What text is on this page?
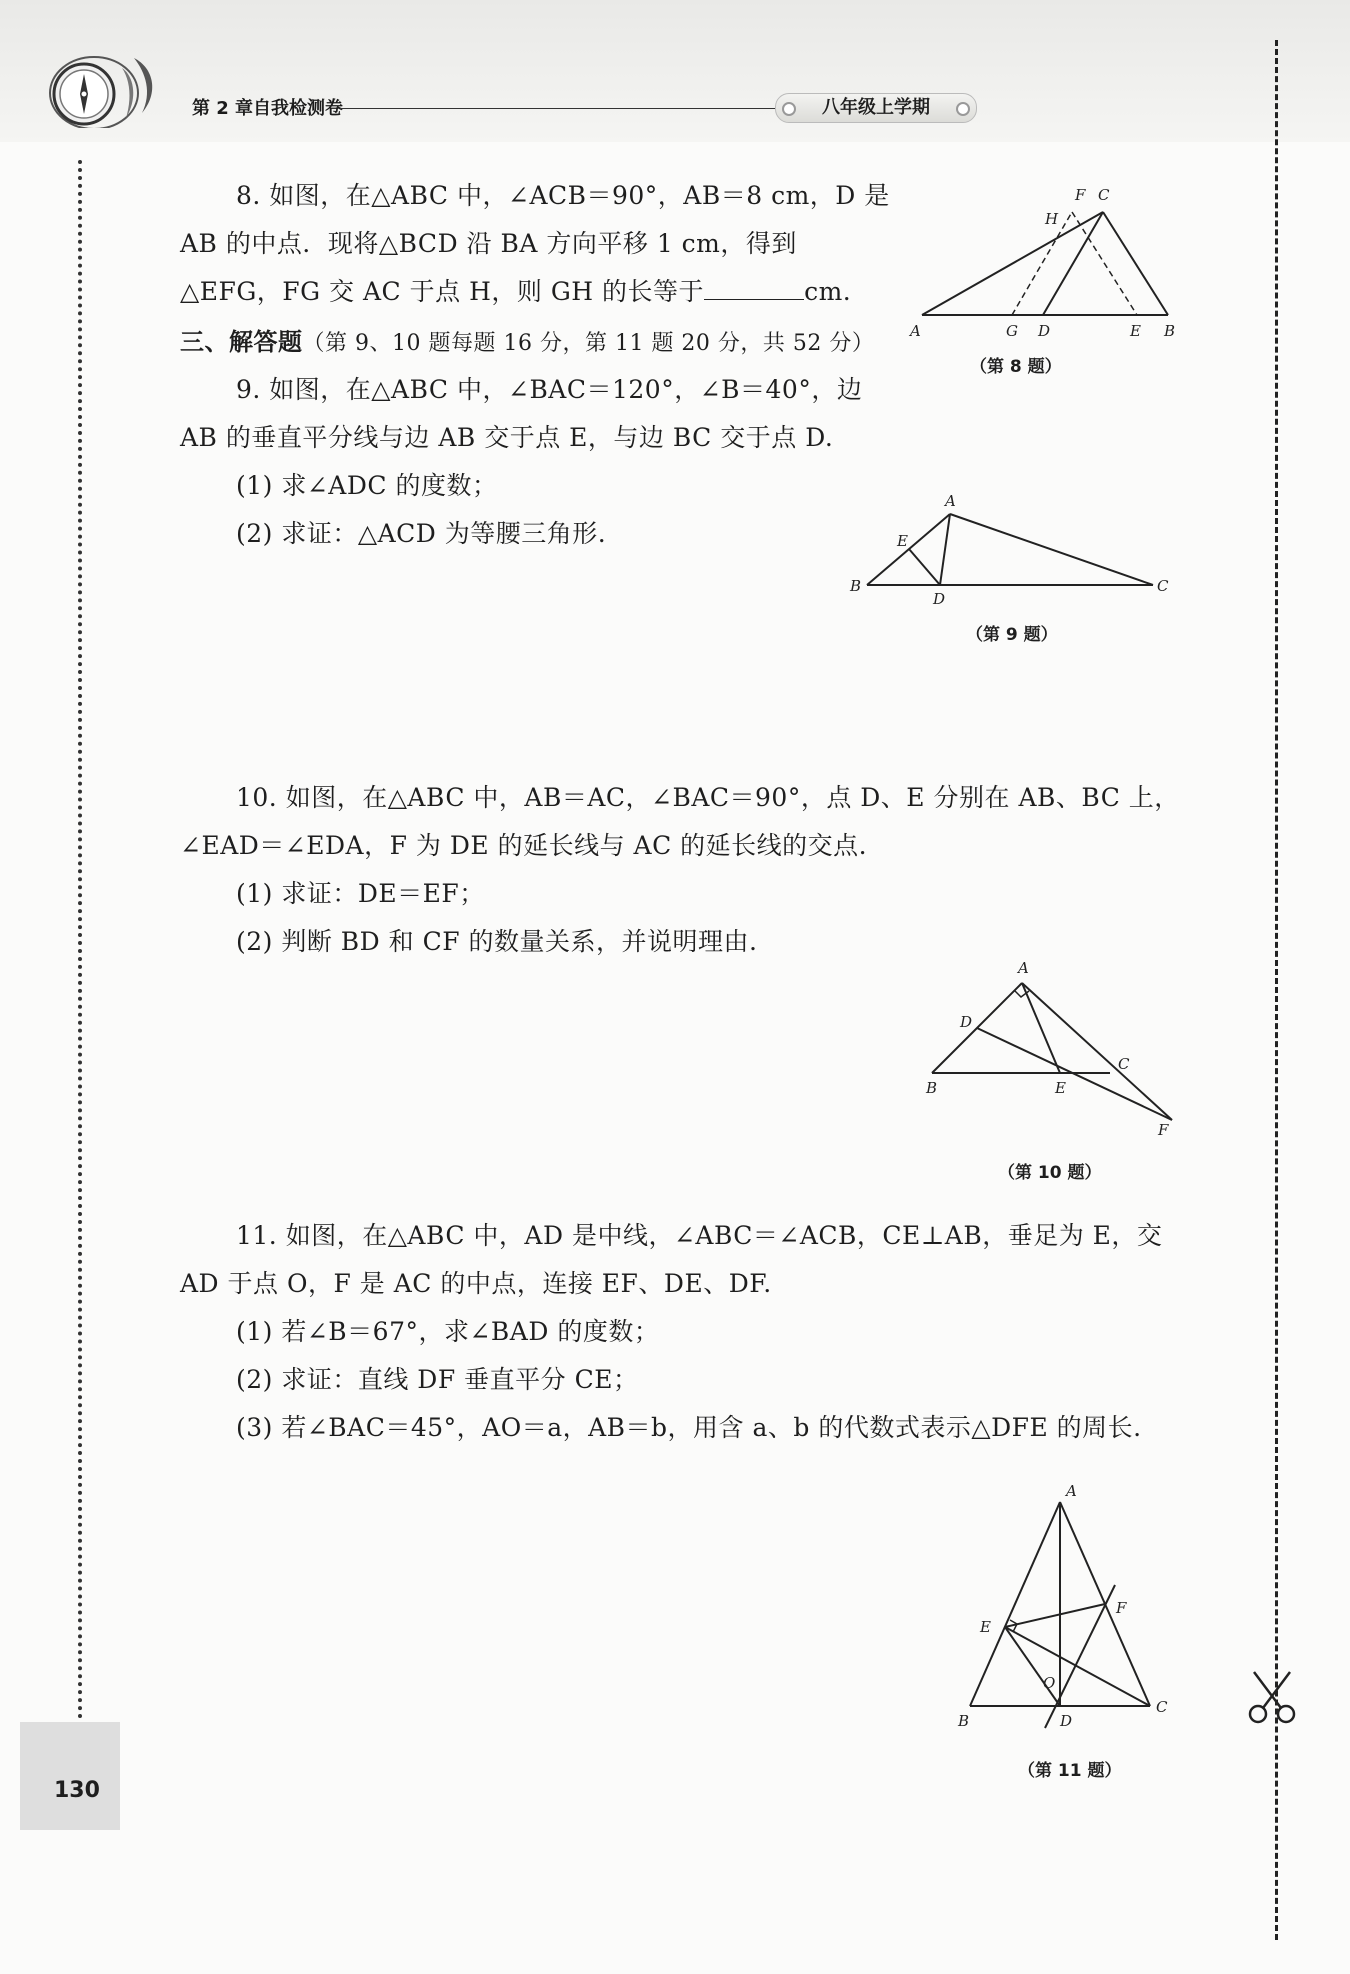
第 2 章自我检测卷	八年级上学期
8. 如图，在△ABC 中，∠ACB＝90°，AB＝8 cm，D 是
AB 的中点．现将△BCD 沿 BA 方向平移 1 cm，得到
△EFG，FG 交 AC 于点 H，则 GH 的长等于	cm.
F C
H
A	G D	E B
（第 8 题）
三、解答题（第 9、10 题每题 16 分，第 11 题 20 分，共 52 分）
9. 如图，在△ABC 中，∠BAC＝120°，∠B＝40°，边
AB 的垂直平分线与边 AB 交于点 E，与边 BC 交于点 D.
(1) 求∠ADC 的度数；
(2) 求证：△ACD 为等腰三角形.
A
E
B
D
C
（第 9 题）
10. 如图，在△ABC 中，AB＝AC，∠BAC＝90°，点 D、E 分别在 AB、BC 上，
∠EAD＝∠EDA，F 为 DE 的延长线与 AC 的延长线的交点.
(1) 求证：DE＝EF；
(2) 判断 BD 和 CF 的数量关系，并说明理由.
A
D
C
B	E
F
（第 10 题）
11. 如图，在△ABC 中，AD 是中线，∠ABC＝∠ACB，CE⊥AB，垂足为 E，交
AD 于点 O，F 是 AC 的中点，连接 EF、DE、DF.
(1) 若∠B＝67°，求∠BAD 的度数；
(2) 求证：直线 DF 垂直平分 CE；
(3) 若∠BAC＝45°，AO＝a，AB＝b，用含 a、b 的代数式表示△DFE 的周长.
A
F
E
O
B	D
C
（第 11 题）
130
